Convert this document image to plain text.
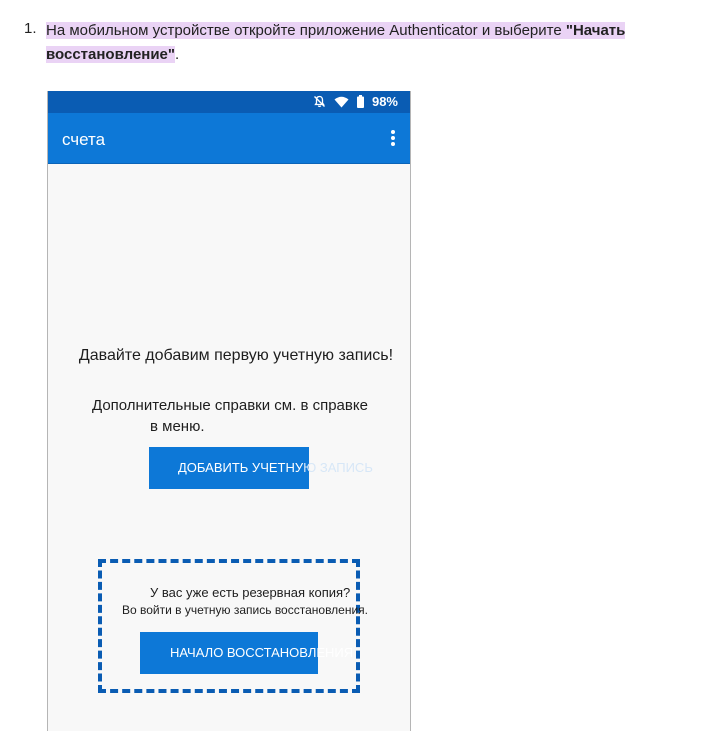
1. На мобильном устройстве откройте приложение Authenticator и выберите "Начать восстановление".
98%
счета
Давайте добавим первую учетную запись!
Дополнительные справки см. в справке
в меню.
ДОБАВИТЬ УЧЕТНУЮ ЗАПИСЬ
У вас уже есть резервная копия?
Во войти в учетную запись восстановления.
НАЧАЛО ВОССТАНОВЛЕНИЯ
